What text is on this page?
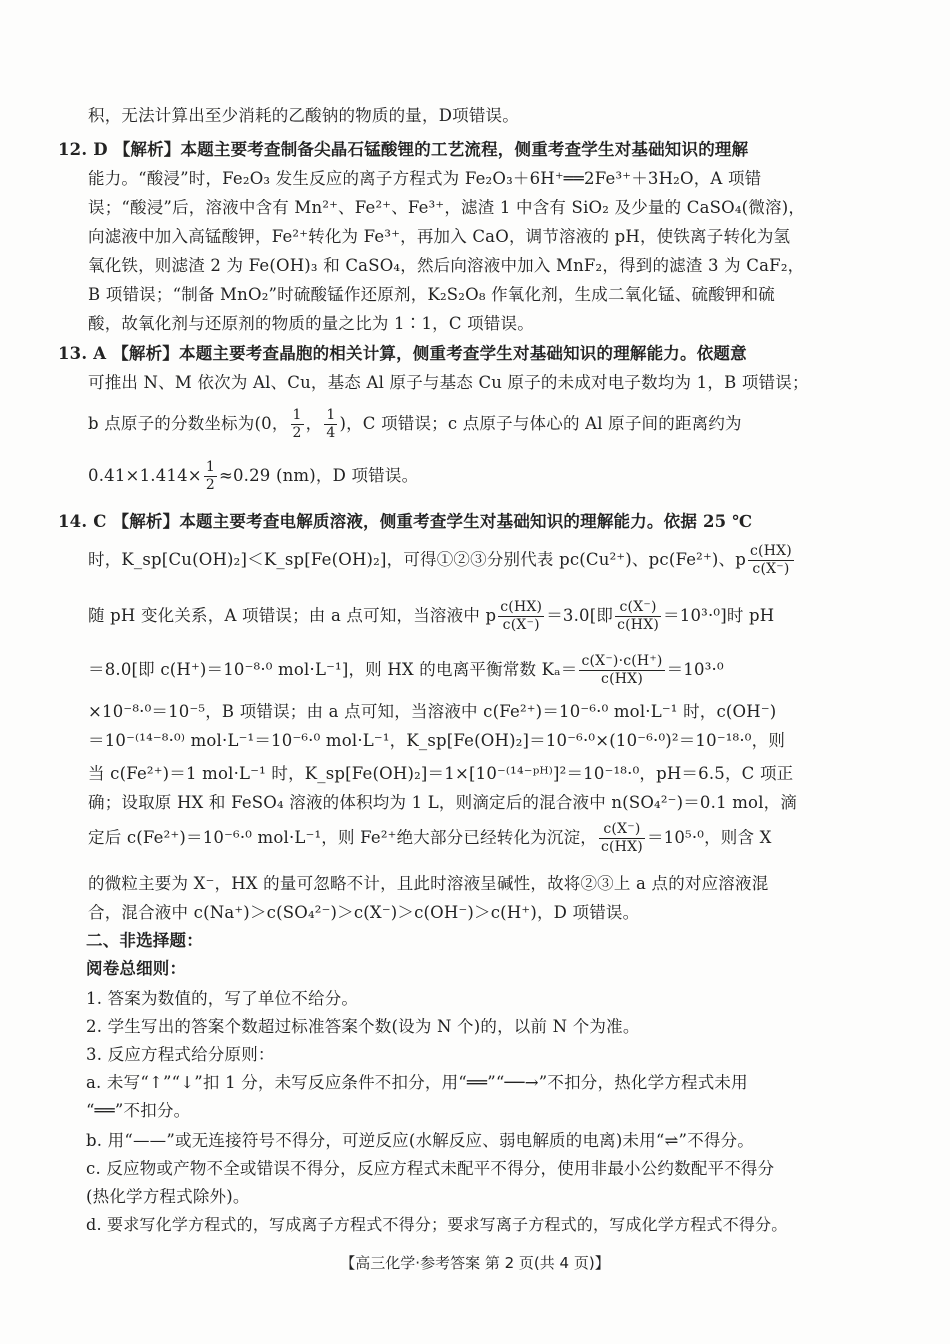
积，无法计算出至少消耗的乙酸钠的物质的量，D项错误。
12. D 【解析】本题主要考查制备尖晶石锰酸锂的工艺流程，侧重考查学生对基础知识的理解
能力。“酸浸”时，Fe₂O₃ 发生反应的离子方程式为 Fe₂O₃＋6H⁺══2Fe³⁺＋3H₂O，A 项错
误；“酸浸”后，溶液中含有 Mn²⁺、Fe²⁺、Fe³⁺，滤渣 1 中含有 SiO₂ 及少量的 CaSO₄(微溶)，
向滤液中加入高锰酸钾，Fe²⁺转化为 Fe³⁺，再加入 CaO，调节溶液的 pH，使铁离子转化为氢
氧化铁，则滤渣 2 为 Fe(OH)₃ 和 CaSO₄，然后向溶液中加入 MnF₂，得到的滤渣 3 为 CaF₂，
B 项错误；“制备 MnO₂”时硫酸锰作还原剂，K₂S₂O₈ 作氧化剂，生成二氧化锰、硫酸钾和硫
酸，故氧化剂与还原剂的物质的量之比为 1∶1，C 项错误。
13. A 【解析】本题主要考查晶胞的相关计算，侧重考查学生对基础知识的理解能力。依题意
可推出 N、M 依次为 Al、Cu，基态 Al 原子与基态 Cu 原子的未成对电子数均为 1，B 项错误；
b 点原子的分数坐标为(0， $\frac{1}{2}$ ， $\frac{1}{4}$ )，C 项错误；c 点原子与体心的 Al 原子间的距离约为
$0.41\times 1.414\times \frac{1}{2} \approx 0.29$ (nm)，D 项错误。
14. C 【解析】本题主要考查电解质溶液，侧重考查学生对基础知识的理解能力。依据 25 ℃
时，K_sp[Cu(OH)₂]＜K_sp[Fe(OH)₂]，可得①②③分别代表 pc(Cu²⁺)、pc(Fe²⁺)、p $\frac{c(HX)}{c(X^-)}$
随 pH 变化关系，A 项错误；由 a 点可知，当溶液中 p $\frac{c(HX)}{c(X^-)} =3.0$[即 $\frac{c(X^-)}{c(HX)} =10^3\cdot^0$]时 pH
＝8.0[即 c(H⁺)＝10⁻⁸·⁰ mol·L⁻¹]，则 HX 的电离平衡常数 $K_a= \frac{c(X^-)\cdot c(H^+)}{c(HX)} =10^3\cdot^0$
×10⁻⁸·⁰＝10⁻⁵，B 项错误；由 a 点可知，当溶液中 c(Fe²⁺)＝10⁻⁶·⁰ mol·L⁻¹ 时，c(OH⁻)
＝10⁻⁽¹⁴⁻⁸·⁰⁾ mol·L⁻¹＝10⁻⁶·⁰ mol·L⁻¹，K_sp[Fe(OH)₂]＝10⁻⁶·⁰×(10⁻⁶·⁰)²＝10⁻¹⁸·⁰，则
当 c(Fe²⁺)＝1 mol·L⁻¹ 时，K_sp[Fe(OH)₂]＝1×[10⁻⁽¹⁴⁻ᵖᴴ⁾]²＝10⁻¹⁸·⁰，pH＝6.5，C 项正
确；设取原 HX 和 FeSO₄ 溶液的体积均为 1 L，则滴定后的混合液中 n(SO₄²⁻)＝0.1 mol，滴
定后 c(Fe²⁺)＝10⁻⁶·⁰ mol·L⁻¹，则 Fe²⁺绝大部分已经转化为沉淀， $\frac{c(X^-)}{c(HX)} =10^5\cdot^0$，则含 X
的微粒主要为 X⁻，HX 的量可忽略不计，且此时溶液呈碱性，故将②③上 a 点的对应溶液混
合，混合液中 c(Na⁺)＞c(SO₄²⁻)＞c(X⁻)＞c(OH⁻)＞c(H⁺)，D 项错误。
二、非选择题：
阅卷总细则：
1. 答案为数值的，写了单位不给分。
2. 学生写出的答案个数超过标准答案个数(设为 N 个)的，以前 N 个为准。
3. 反应方程式给分原则：
a. 未写“↑”“↓”扣 1 分，未写反应条件不扣分，用“══”“──→”不扣分，热化学方程式未用
“══”不扣分。
b. 用“——”或无连接符号不得分，可逆反应(水解反应、弱电解质的电离)未用“⇌”不得分。
c. 反应物或产物不全或错误不得分，反应方程式未配平不得分，使用非最小公约数配平不得分
(热化学方程式除外)。
d. 要求写化学方程式的，写成离子方程式不得分；要求写离子方程式的，写成化学方程式不得分。
【高三化学·参考答案 第 2 页(共 4 页)】
